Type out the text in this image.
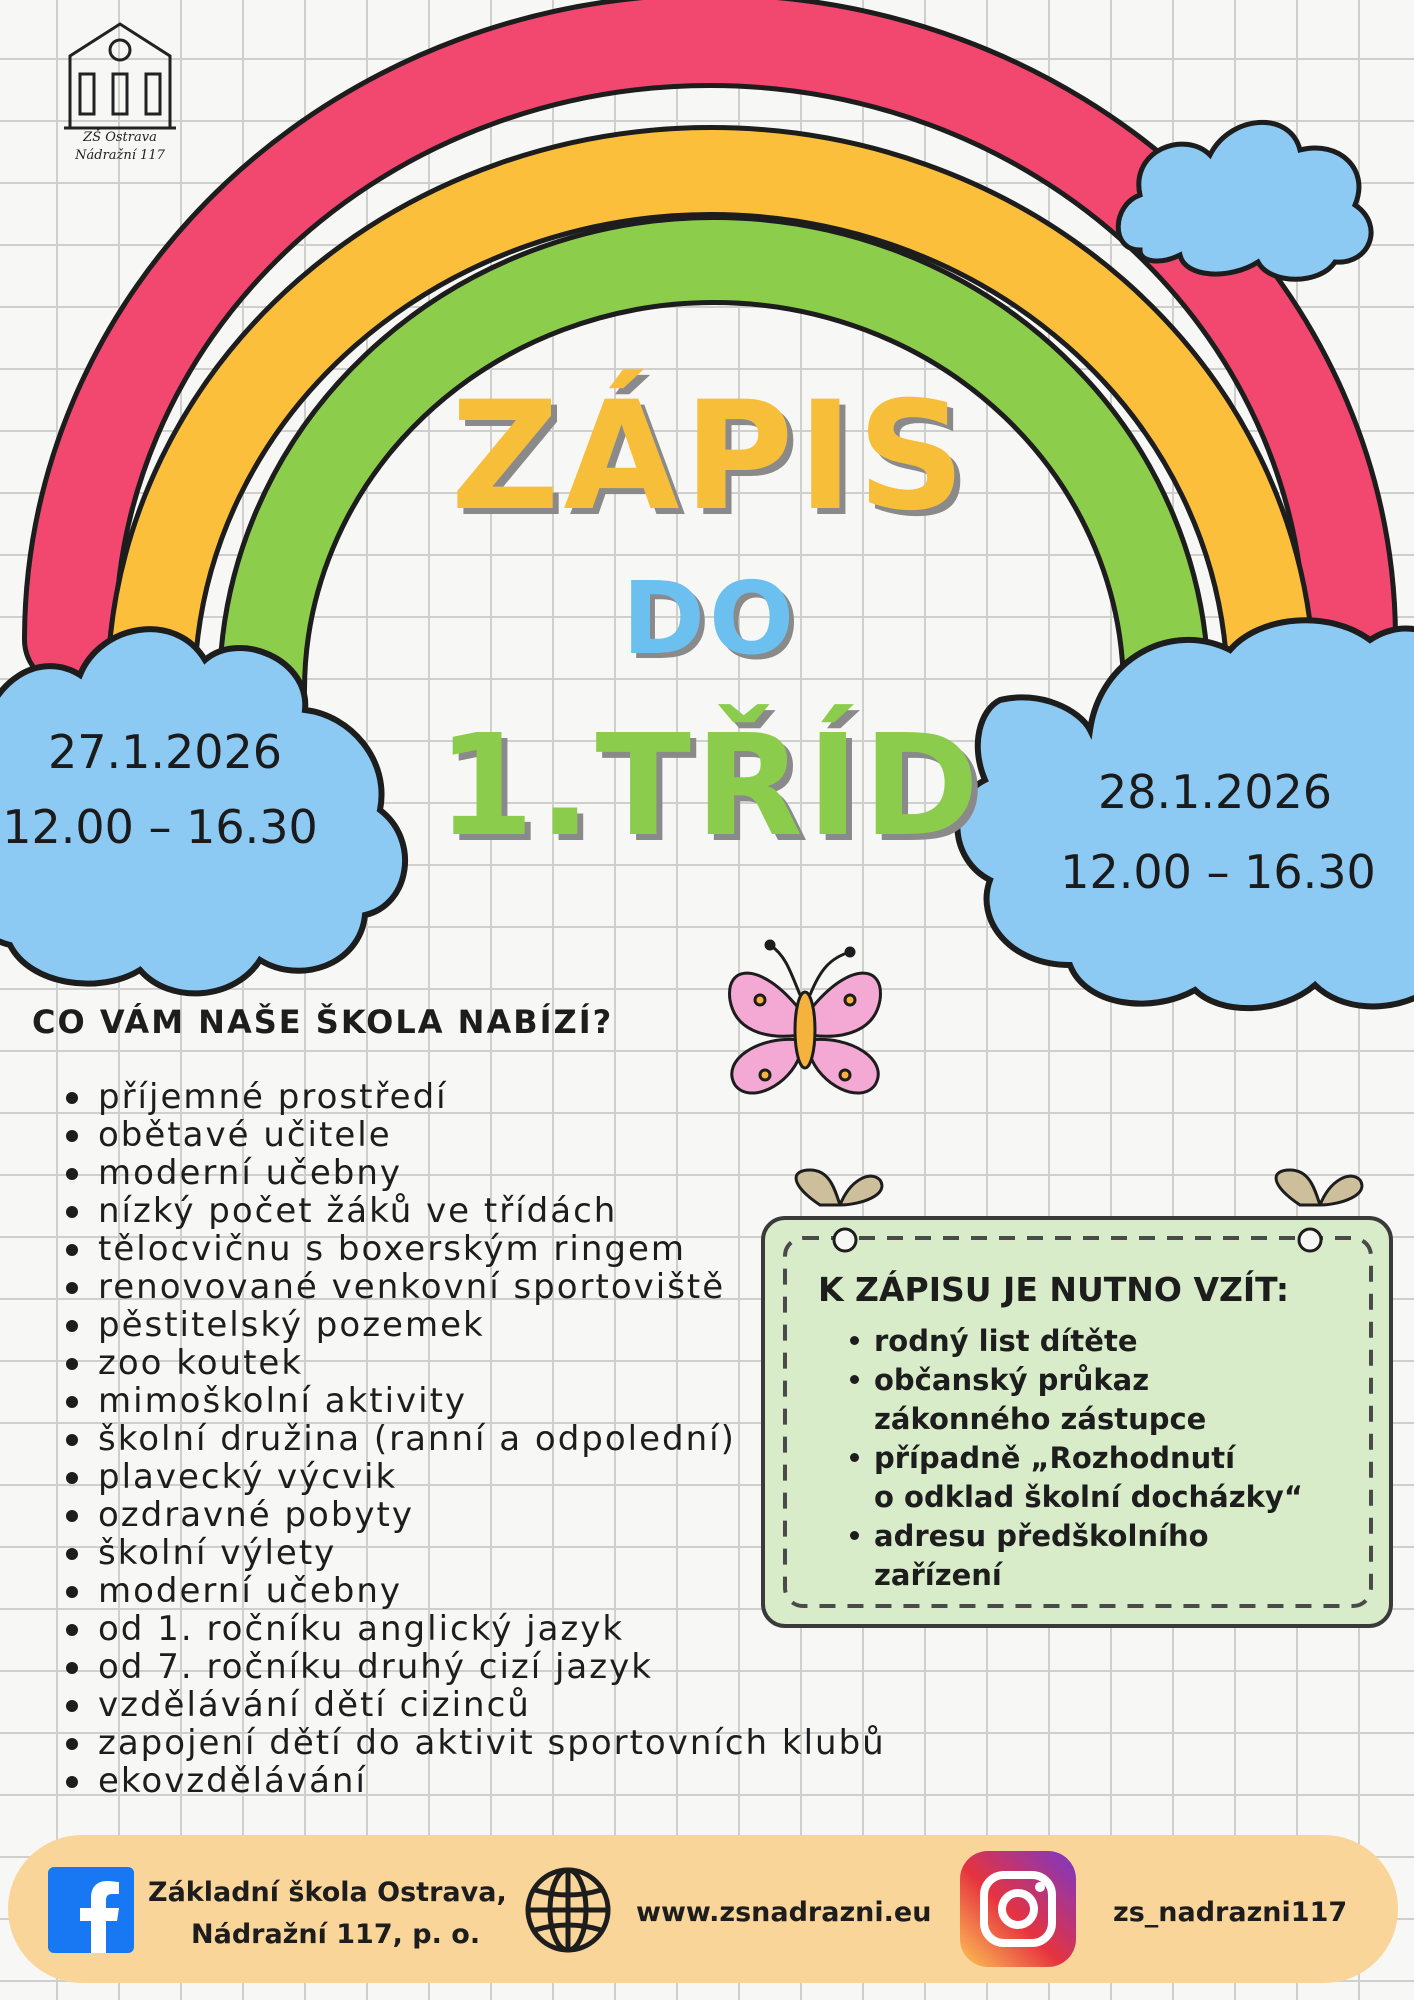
ZŠ Ostrava
Nádražní 117
ZÁPIS
DO
1.TŘÍD
27.1.2026
12.00 – 16.30
28.1.2026
12.00 – 16.30
CO VÁM NAŠE ŠKOLA NABÍZÍ?
příjemné prostředí
obětavé učitele
moderní učebny
nízký počet žáků ve třídách
tělocvičnu s boxerským ringem
renovované venkovní sportoviště
pěstitelský pozemek
zoo koutek
mimoškolní aktivity
školní družina (ranní a odpolední)
plavecký výcvik
ozdravné pobyty
školní výlety
moderní učebny
od 1. ročníku anglický jazyk
od 7. ročníku druhý cizí jazyk
vzdělávání dětí cizinců
zapojení dětí do aktivit sportovních klubů
ekovzdělávání
K ZÁPISU JE NUTNO VZÍT:
rodný list dítěte
občanský průkaz
zákonného zástupce
případně „Rozhodnutí
o odklad školní docházky“
adresu předškolního
zařízení
Základní škola Ostrava,
Nádražní 117, p. o.
www.zsnadrazni.eu	zs_nadrazni117
